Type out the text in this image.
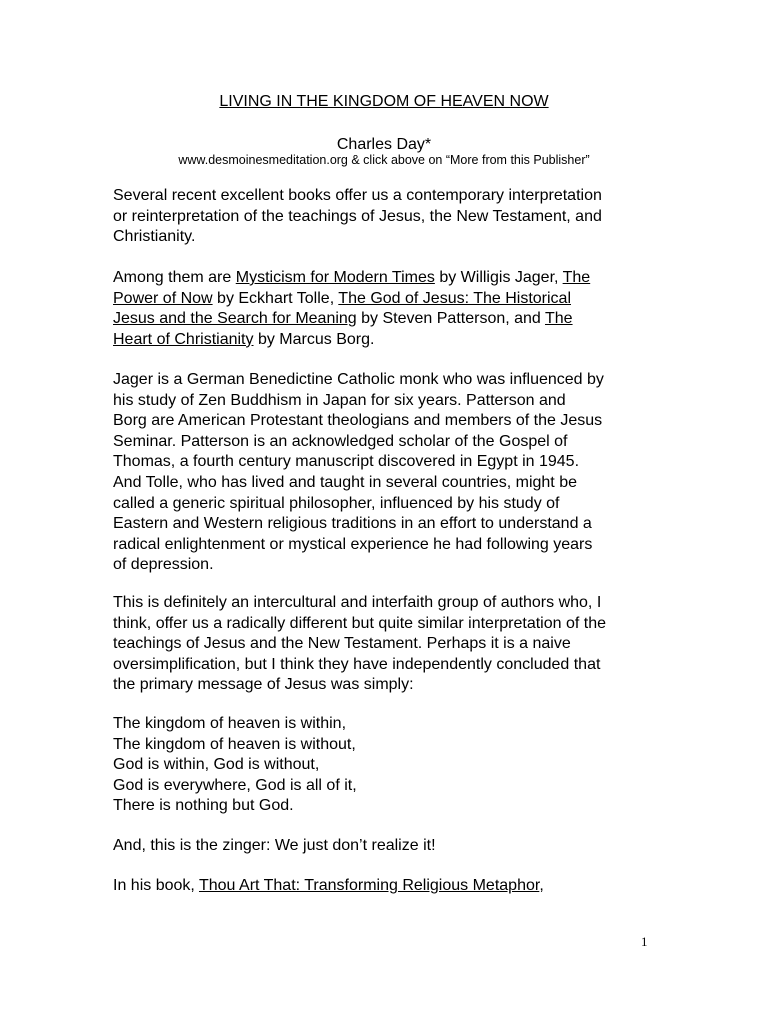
LIVING IN THE KINGDOM OF HEAVEN NOW
Charles Day*
www.desmoinesmeditation.org & click above on “More from this Publisher”
Several recent excellent books offer us a contemporary interpretation
or reinterpretation of the teachings of Jesus, the New Testament, and
Christianity.
Among them are Mysticism for Modern Times by Willigis Jager, The
Power of Now by Eckhart Tolle, The God of Jesus: The Historical
Jesus and the Search for Meaning by Steven Patterson, and The
Heart of Christianity by Marcus Borg.
Jager is a German Benedictine Catholic monk who was influenced by
his study of Zen Buddhism in Japan for six years. Patterson and
Borg are American Protestant theologians and members of the Jesus
Seminar. Patterson is an acknowledged scholar of the Gospel of
Thomas, a fourth century manuscript discovered in Egypt in 1945.
And Tolle, who has lived and taught in several countries, might be
called a generic spiritual philosopher, influenced by his study of
Eastern and Western religious traditions in an effort to understand a
radical enlightenment or mystical experience he had following years
of depression.
This is definitely an intercultural and interfaith group of authors who, I
think, offer us a radically different but quite similar interpretation of the
teachings of Jesus and the New Testament. Perhaps it is a naive
oversimplification, but I think they have independently concluded that
the primary message of Jesus was simply:
The kingdom of heaven is within,
The kingdom of heaven is without,
God is within, God is without,
God is everywhere, God is all of it,
There is nothing but God.
And, this is the zinger: We just don’t realize it!
In his book, Thou Art That: Transforming Religious Metaphor,
1
